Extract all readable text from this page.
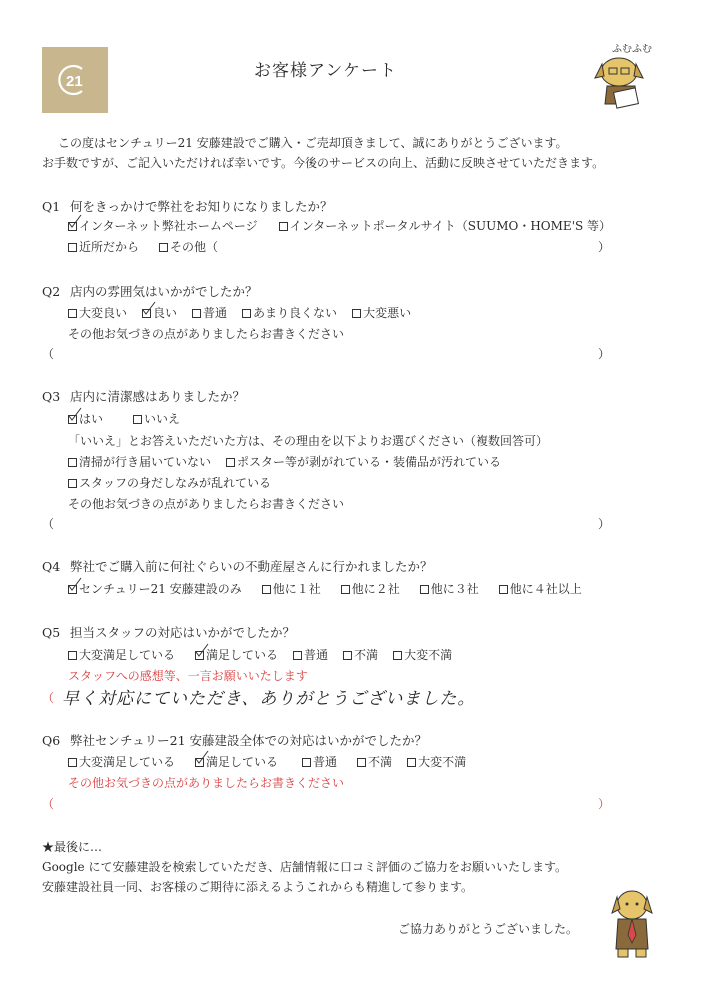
21
お客様アンケート
ふむふむ
この度はセンチュリー21 安藤建設でご購入・ご売却頂きまして、誠にありがとうございます。
お手数ですが、ご記入いただければ幸いです。今後のサービスの向上、活動に反映させていただきます。
Q1 何をきっかけで弊社をお知りになりましたか？
インターネット弊社ホームページ	インターネットポータルサイト（SUUMO・HOME'S 等）
近所だから	その他（	）
Q2 店内の雰囲気はいかがでしたか？
大変良い 良い 普通 あまり良くない 大変悪い
その他お気づきの点がありましたらお書きください
（	）
Q3 店内に清潔感はありましたか？
はい	いいえ
「いいえ」とお答えいただいた方は、その理由を以下よりお選びください（複数回答可）
清掃が行き届いていない ポスター等が剥がれている・装備品が汚れている
スタッフの身だしなみが乱れている
その他お気づきの点がありましたらお書きください
（	）
Q4 弊社でご購入前に何社ぐらいの不動産屋さんに行かれましたか？
センチュリー21 安藤建設のみ	他に１社	他に２社	他に３社	他に４社以上
Q5 担当スタッフの対応はいかがでしたか？
大変満足している	満足している 普通 不満 大変不満
スタッフへの感想等、一言お願いいたします
（ 早く対応にていただき、ありがとうございました。
Q6 弊社センチュリー21 安藤建設全体での対応はいかがでしたか？
大変満足している	満足している	普通	不満 大変不満
その他お気づきの点がありましたらお書きください
（	）
★最後に…
Google にて安藤建設を検索していただき、店舗情報に口コミ評価のご協力をお願いいたします。
安藤建設社員一同、お客様のご期待に添えるようこれからも精進して参ります。
ご協力ありがとうございました。
